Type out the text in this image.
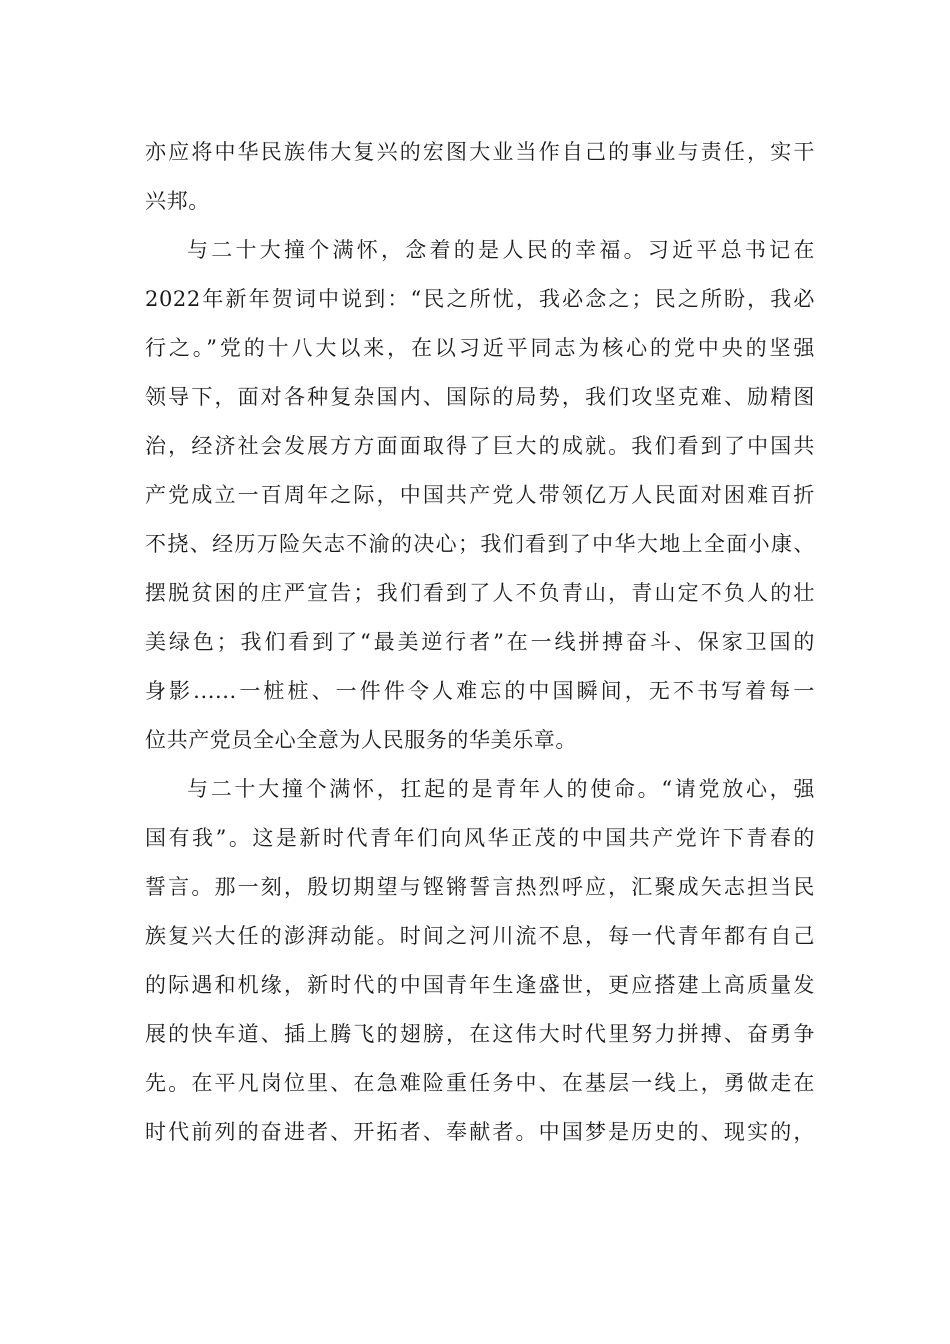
亦应将中华民族伟大复兴的宏图大业当作自己的事业与责任，实干
兴邦。
与二十大撞个满怀，念着的是人民的幸福。习近平总书记在
2022年新年贺词中说到：“民之所忧，我必念之；民之所盼，我必
行之。”党的十八大以来，在以习近平同志为核心的党中央的坚强
领导下，面对各种复杂国内、国际的局势，我们攻坚克难、励精图
治，经济社会发展方方面面取得了巨大的成就。我们看到了中国共
产党成立一百周年之际，中国共产党人带领亿万人民面对困难百折
不挠、经历万险矢志不渝的决心；我们看到了中华大地上全面小康、
摆脱贫困的庄严宣告；我们看到了人不负青山，青山定不负人的壮
美绿色；我们看到了“最美逆行者”在一线拼搏奋斗、保家卫国的
身影......一桩桩、一件件令人难忘的中国瞬间，无不书写着每一
位共产党员全心全意为人民服务的华美乐章。
与二十大撞个满怀，扛起的是青年人的使命。“请党放心，强
国有我”。这是新时代青年们向风华正茂的中国共产党许下青春的
誓言。那一刻，殷切期望与铿锵誓言热烈呼应，汇聚成矢志担当民
族复兴大任的澎湃动能。时间之河川流不息，每一代青年都有自己
的际遇和机缘，新时代的中国青年生逢盛世，更应搭建上高质量发
展的快车道、插上腾飞的翅膀，在这伟大时代里努力拼搏、奋勇争
先。在平凡岗位里、在急难险重任务中、在基层一线上，勇做走在
时代前列的奋进者、开拓者、奉献者。中国梦是历史的、现实的，
